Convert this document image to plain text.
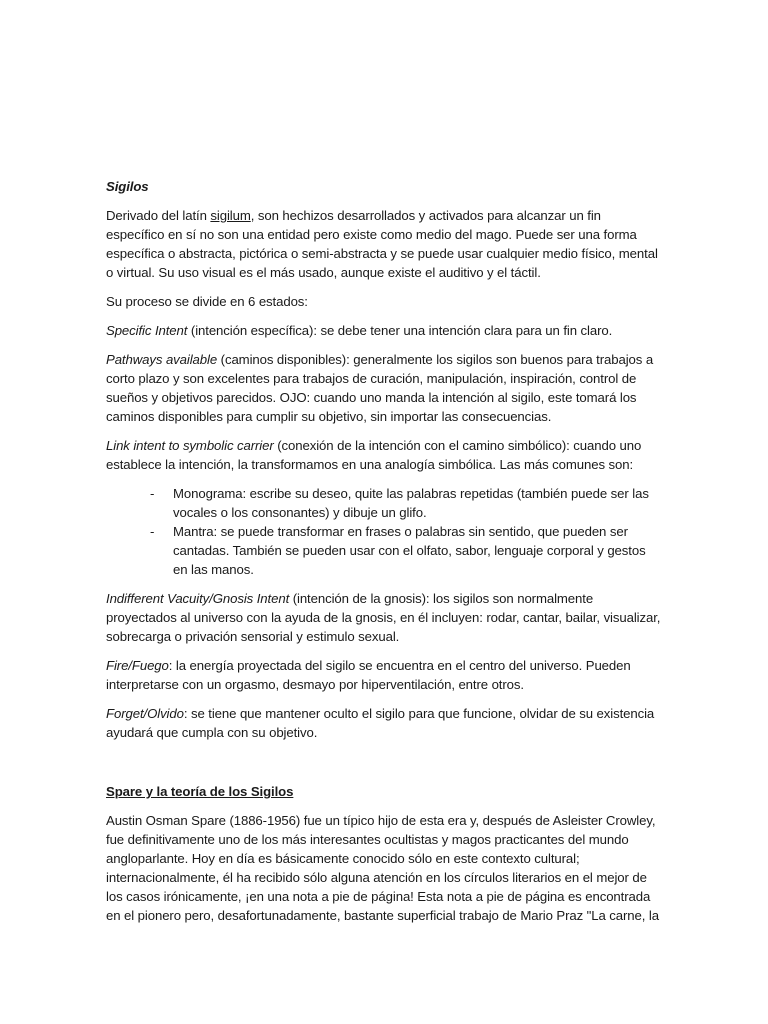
Sigilos

Derivado del latín sigilum, son hechizos desarrollados y activados para alcanzar un fin específico en sí no son una entidad pero existe como medio del mago. Puede ser una forma específica o abstracta, pictórica o semi-abstracta y se puede usar cualquier medio físico, mental o virtual. Su uso visual es el más usado, aunque existe el auditivo y el táctil.

Su proceso se divide en 6 estados:

Specific Intent (intención específica): se debe tener una intención clara para un fin claro.

Pathways available (caminos disponibles): generalmente los sigilos son buenos para trabajos a corto plazo y son excelentes para trabajos de curación, manipulación, inspiración, control de sueños y objetivos parecidos. OJO: cuando uno manda la intención al sigilo, este tomará los caminos disponibles para cumplir su objetivo, sin importar las consecuencias.

Link intent to symbolic carrier (conexión de la intención con el camino simbólico): cuando uno establece la intención, la transformamos en una analogía simbólica. Las más comunes son:

- Monograma: escribe su deseo, quite las palabras repetidas (también puede ser las vocales o los consonantes) y dibuje un glifo.
- Mantra: se puede transformar en frases o palabras sin sentido, que pueden ser cantadas. También se pueden usar con el olfato, sabor, lenguaje corporal y gestos en las manos.

Indifferent Vacuity/Gnosis Intent (intención de la gnosis): los sigilos son normalmente proyectados al universo con la ayuda de la gnosis, en él incluyen: rodar, cantar, bailar, visualizar, sobrecarga o privación sensorial y estimulo sexual.

Fire/Fuego: la energía proyectada del sigilo se encuentra en el centro del universo. Pueden interpretarse con un orgasmo, desmayo por hiperventilación, entre otros.

Forget/Olvido: se tiene que mantener oculto el sigilo para que funcione, olvidar de su existencia ayudará que cumpla con su objetivo.

Spare y la teoría de los Sigilos

Austin Osman Spare (1886-1956) fue un típico hijo de esta era y, después de Asleister Crowley, fue definitivamente uno de los más interesantes ocultistas y magos practicantes del mundo angloparlante. Hoy en día es básicamente conocido sólo en este contexto cultural; internacionalmente, él ha recibido sólo alguna atención en los círculos literarios en el mejor de los casos irónicamente, ¡en una nota a pie de página! Esta nota a pie de página es encontrada en el pionero pero, desafortunadamente, bastante superficial trabajo de Mario Praz "La carne, la
